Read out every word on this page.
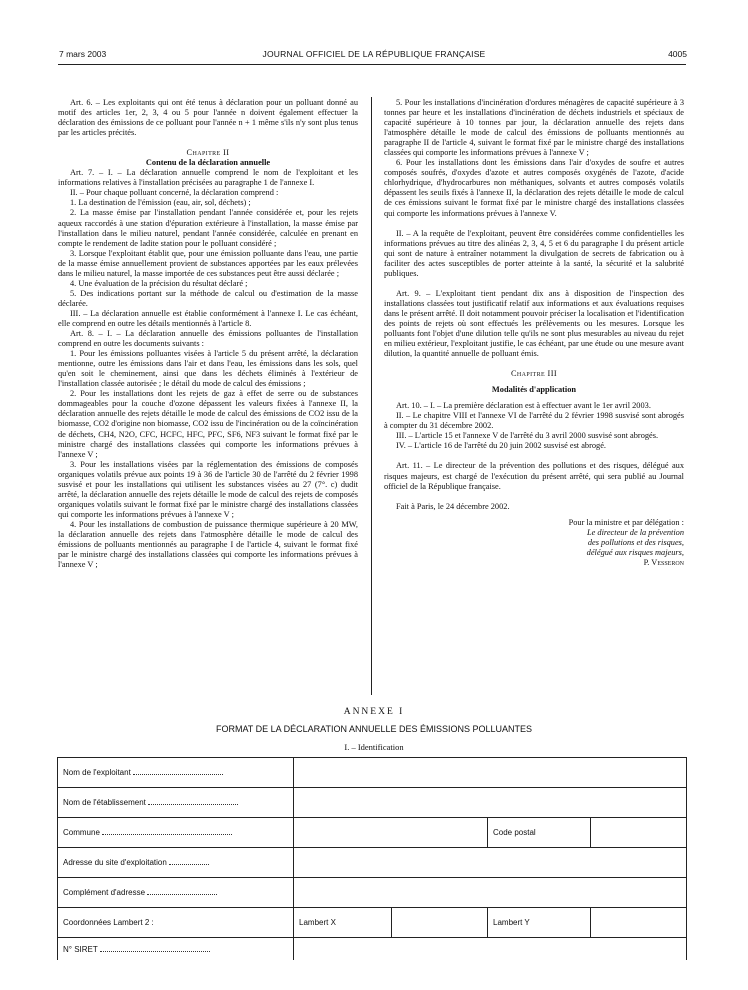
7 mars 2003	JOURNAL OFFICIEL DE LA RÉPUBLIQUE FRANÇAISE	4005

Art. 6. – Les exploitants qui ont été tenus à déclaration pour un polluant donné au motif des articles 1er, 2, 3, 4 ou 5 pour l'année n doivent également effectuer la déclaration des émissions de ce polluant pour l'année n + 1 même s'ils n'y sont plus tenus par les articles précités.

Chapitre II

Contenu de la déclaration annuelle

Art. 7. – I. – La déclaration annuelle comprend le nom de l'exploitant et les informations relatives à l'installation précisées au paragraphe 1 de l'annexe I.

II. – Pour chaque polluant concerné, la déclaration comprend :

1. La destination de l'émission (eau, air, sol, déchets) ;

2. La masse émise par l'installation pendant l'année considérée et, pour les rejets aqueux raccordés à une station d'épuration extérieure à l'installation, la masse émise par l'installation dans le milieu naturel, pendant l'année considérée, calculée en prenant en compte le rendement de ladite station pour le polluant considéré ;

3. Lorsque l'exploitant établit que, pour une émission polluante dans l'eau, une partie de la masse émise annuellement provient de substances apportées par les eaux prélevées dans le milieu naturel, la masse importée de ces substances peut être aussi déclarée ;

4. Une évaluation de la précision du résultat déclaré ;

5. Des indications portant sur la méthode de calcul ou d'estimation de la masse déclarée.

III. – La déclaration annuelle est établie conformément à l'annexe I. Le cas échéant, elle comprend en outre les détails mentionnés à l'article 8.

Art. 8. – I. – La déclaration annuelle des émissions polluantes de l'installation comprend en outre les documents suivants :

1. Pour les émissions polluantes visées à l'article 5 du présent arrêté, la déclaration mentionne, outre les émissions dans l'air et dans l'eau, les émissions dans les sols, quel qu'en soit le cheminement, ainsi que dans les déchets éliminés à l'extérieur de l'installation classée autorisée ; le détail du mode de calcul des émissions ;

2. Pour les installations dont les rejets de gaz à effet de serre ou de substances dommageables pour la couche d'ozone dépassent les valeurs fixées à l'annexe II, la déclaration annuelle des rejets détaille le mode de calcul des émissions de CO2 issu de la biomasse, CO2 d'origine non biomasse, CO2 issu de l'incinération ou de la coïncinération de déchets, CH4, N2O, CFC, HCFC, HFC, PFC, SF6, NF3 suivant le format fixé par le ministre chargé des installations classées qui comporte les informations prévues à l'annexe V ;

3. Pour les installations visées par la réglementation des émissions de composés organiques volatils prévue aux points 19 à 36 de l'article 30 de l'arrêté du 2 février 1998 susvisé et pour les installations qui utilisent les substances visées au 27 (7°. c) dudit arrêté, la déclaration annuelle des rejets détaille le mode de calcul des rejets de composés organiques volatils suivant le format fixé par le ministre chargé des installations classées qui comporte les informations prévues à l'annexe V ;

4. Pour les installations de combustion de puissance thermique supérieure à 20 MW, la déclaration annuelle des rejets dans l'atmosphère détaille le mode de calcul des émissions de polluants mentionnés au paragraphe I de l'article 4, suivant le format fixé par le ministre chargé des installations classées qui comporte les informations prévues à l'annexe V ;

5. Pour les installations d'incinération d'ordures ménagères de capacité supérieure à 3 tonnes par heure et les installations d'incinération de déchets industriels et spéciaux de capacité supérieure à 10 tonnes par jour, la déclaration annuelle des rejets dans l'atmosphère détaille le mode de calcul des émissions de polluants mentionnés au paragraphe II de l'article 4, suivant le format fixé par le ministre chargé des installations classées qui comporte les informations prévues à l'annexe V ;

6. Pour les installations dont les émissions dans l'air d'oxydes de soufre et autres composés soufrés, d'oxydes d'azote et autres composés oxygénés de l'azote, d'acide chlorhydrique, d'hydrocarbures non méthaniques, solvants et autres composés volatils dépassent les seuils fixés à l'annexe II, la déclaration des rejets détaille le mode de calcul de ces émissions suivant le format fixé par le ministre chargé des installations classées qui comporte les informations prévues à l'annexe V.

II. – A la requête de l'exploitant, peuvent être considérées comme confidentielles les informations prévues au titre des alinéas 2, 3, 4, 5 et 6 du paragraphe I du présent article qui sont de nature à entraîner notamment la divulgation de secrets de fabrication ou à faciliter des actes susceptibles de porter atteinte à la santé, la sécurité et la salubrité publiques.

Art. 9. – L'exploitant tient pendant dix ans à disposition de l'inspection des installations classées tout justificatif relatif aux informations et aux évaluations requises dans le présent arrêté. Il doit notamment pouvoir préciser la localisation et l'identification des points de rejets où sont effectués les prélèvements ou les mesures. Lorsque les polluants font l'objet d'une dilution telle qu'ils ne sont plus mesurables au niveau du rejet en milieu extérieur, l'exploitant justifie, le cas échéant, par une étude ou une mesure avant dilution, la quantité annuelle de polluant émis.

Chapitre III

Modalités d'application

Art. 10. – I. – La première déclaration est à effectuer avant le 1er avril 2003.

II. – Le chapitre VIII et l'annexe VI de l'arrêté du 2 février 1998 susvisé sont abrogés à compter du 31 décembre 2002.

III. – L'article 15 et l'annexe V de l'arrêté du 3 avril 2000 susvisé sont abrogés.

IV. – L'article 16 de l'arrêté du 20 juin 2002 susvisé est abrogé.

Art. 11. – Le directeur de la prévention des pollutions et des risques, délégué aux risques majeurs, est chargé de l'exécution du présent arrêté, qui sera publié au Journal officiel de la République française.

Fait à Paris, le 24 décembre 2002.

Pour la ministre et par délégation :

Le directeur de la prévention

des pollutions et des risques,

délégué aux risques majeurs,

P. Vesseron

ANNEXE I
FORMAT DE LA DÉCLARATION ANNUELLE DES ÉMISSIONS POLLUANTES
I. – Identification
Nom de l'exploitant				
Nom de l'établissement				
Commune			Code postal	
Adresse du site d'exploitation				
Complément d'adresse				
Coordonnées Lambert 2 :	Lambert X		Lambert Y	
N° SIRET				
